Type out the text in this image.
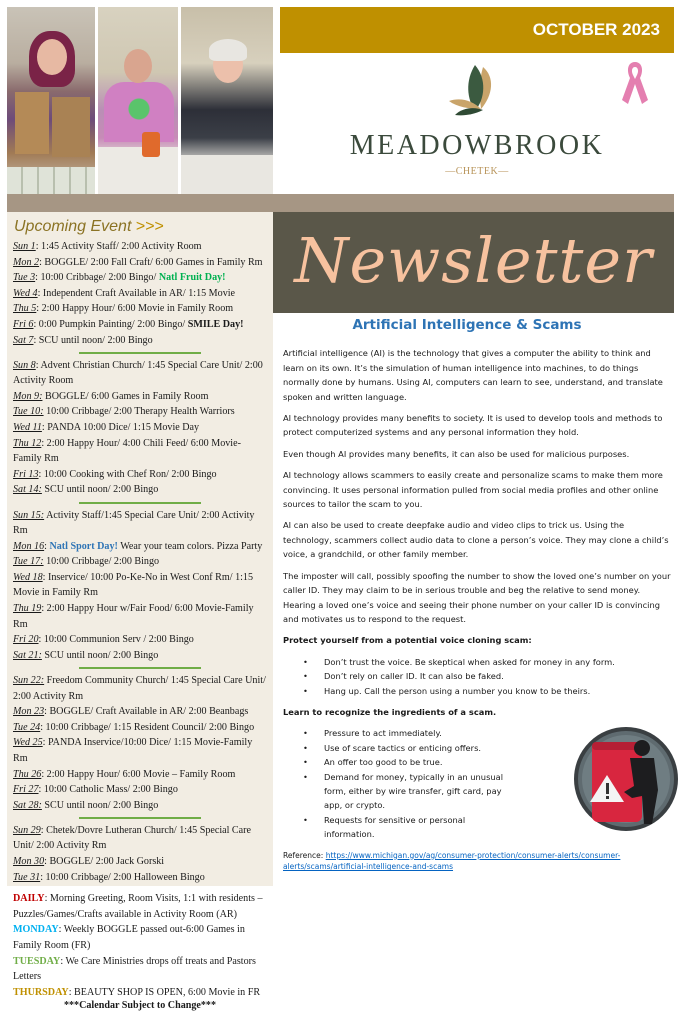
OCTOBER 2023
MEADOWBROOK
—CHETEK—
Newsletter
Upcoming Event >>>
Sun 1: 1:45 Activity Staff/ 2:00 Activity Room
Mon 2: BOGGLE/ 2:00 Fall Craft/ 6:00 Games in Family Rm
Tue 3: 10:00 Cribbage/ 2:00 Bingo/ Natl Fruit Day!
Wed 4: Independent Craft Available in AR/ 1:15 Movie
Thu 5: 2:00 Happy Hour/ 6:00 Movie in Family Room
Fri 6: 0:00 Pumpkin Painting/ 2:00 Bingo/ SMILE Day!
Sat 7: SCU until noon/ 2:00 Bingo
Sun 8: Advent Christian Church/ 1:45 Special Care Unit/ 2:00 Activity Room
Mon 9: BOGGLE/ 6:00 Games in Family Room
Tue 10: 10:00 Cribbage/ 2:00 Therapy Health Warriors
Wed 11: PANDA 10:00 Dice/ 1:15 Movie Day
Thu 12: 2:00 Happy Hour/ 4:00 Chili Feed/ 6:00 Movie-Family Rm
Fri 13: 10:00 Cooking with Chef Ron/ 2:00 Bingo
Sat 14: SCU until noon/ 2:00 Bingo
Sun 15: Activity Staff/1:45 Special Care Unit/ 2:00 Activity Rm
Mon 16: Natl Sport Day! Wear your team colors. Pizza Party
Tue 17: 10:00 Cribbage/ 2:00 Bingo
Wed 18: Inservice/ 10:00 Po-Ke-No in West Conf Rm/ 1:15 Movie in Family Rm
Thu 19: 2:00 Happy Hour w/Fair Food/ 6:00 Movie-Family Rm
Fri 20: 10:00 Communion Serv / 2:00 Bingo
Sat 21: SCU until noon/ 2:00 Bingo
Sun 22: Freedom Community Church/ 1:45 Special Care Unit/ 2:00 Activity Rm
Mon 23: BOGGLE/ Craft Available in AR/ 2:00 Beanbags
Tue 24: 10:00 Cribbage/ 1:15 Resident Council/ 2:00 Bingo
Wed 25: PANDA Inservice/10:00 Dice/ 1:15 Movie-Family Rm
Thu 26: 2:00 Happy Hour/ 6:00 Movie – Family Room
Fri 27: 10:00 Catholic Mass/ 2:00 Bingo
Sat 28: SCU until noon/ 2:00 Bingo
Sun 29: Chetek/Dovre Lutheran Church/ 1:45 Special Care Unit/ 2:00 Activity Rm
Mon 30: BOGGLE/ 2:00 Jack Gorski
Tue 31: 10:00 Cribbage/ 2:00 Halloween Bingo
DAILY: Morning Greeting, Room Visits, 1:1 with residents – Puzzles/Games/Crafts available in Activity Room (AR)
MONDAY: Weekly BOGGLE passed out-6:00 Games in Family Room (FR)
TUESDAY: We Care Ministries drops off treats and Pastors Letters
THURSDAY: BEAUTY SHOP IS OPEN, 6:00 Movie in FR
***Calendar Subject to Change***
Artificial Intelligence & Scams

Artificial intelligence (AI) is the technology that gives a computer the ability to think and learn on its own. It’s the simulation of human intelligence into machines, to do things normally done by humans. Using AI, computers can learn to see, understand, and translate spoken and written language.

AI technology provides many benefits to society. It is used to develop tools and methods to protect computerized systems and any personal information they hold.

Even though AI provides many benefits, it can also be used for malicious purposes.

AI technology allows scammers to easily create and personalize scams to make them more convincing. It uses personal information pulled from social media profiles and other online sources to tailor the scam to you.

AI can also be used to create deepfake audio and video clips to trick us. Using the technology, scammers collect audio data to clone a person’s voice. They may clone a child’s voice, a grandchild, or other family member.

The imposter will call, possibly spoofing the number to show the loved one’s number on your caller ID. They may claim to be in serious trouble and beg the relative to send money. Hearing a loved one’s voice and seeing their phone number on your caller ID is convincing and motivates us to respond to the request.

Protect yourself from a potential voice cloning scam:

• Don’t trust the voice. Be skeptical when asked for money in any form.
• Don’t rely on caller ID. It can also be faked.
• Hang up. Call the person using a number you know to be theirs.

Learn to recognize the ingredients of a scam.

• Pressure to act immediately.
• Use of scare tactics or enticing offers.
• An offer too good to be true.
• Demand for money, typically in an unusual form, either by wire transfer, gift card, pay app, or crypto.
• Requests for sensitive or personal information.
Reference: https://www.michigan.gov/ag/consumer-protection/consumer-alerts/consumer-alerts/scams/artificial-intelligence-and-scams
